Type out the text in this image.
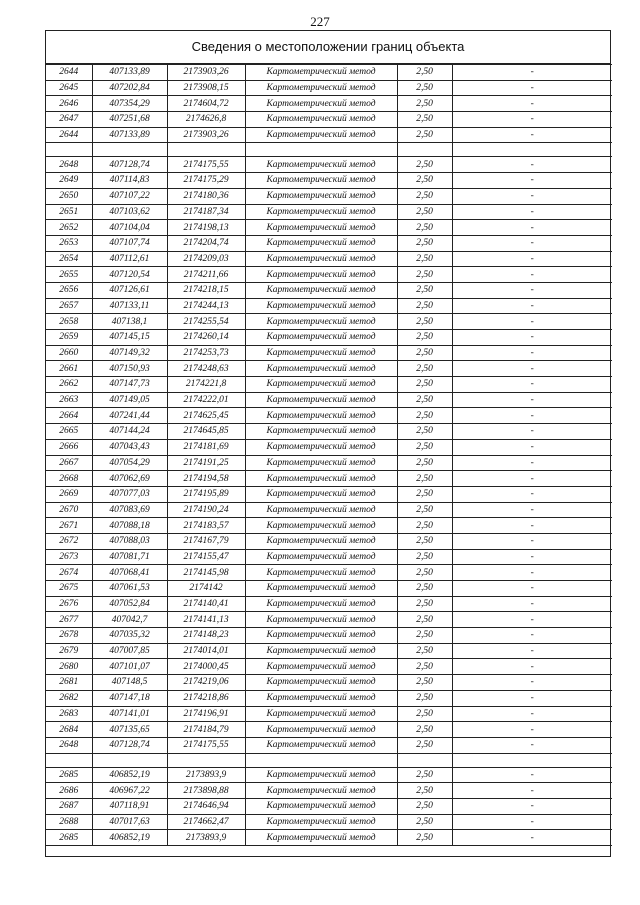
227
Сведения о местоположении границ объекта
2644	407133,89	2173903,26	Картометрический метод	2,50	-
2645	407202,84	2173908,15	Картометрический метод	2,50	-
2646	407354,29	2174604,72	Картометрический метод	2,50	-
2647	407251,68	2174626,8	Картометрический метод	2,50	-
2644	407133,89	2173903,26	Картометрический метод	2,50	-

2648	407128,74	2174175,55	Картометрический метод	2,50	-
2649	407114,83	2174175,29	Картометрический метод	2,50	-
2650	407107,22	2174180,36	Картометрический метод	2,50	-
2651	407103,62	2174187,34	Картометрический метод	2,50	-
2652	407104,04	2174198,13	Картометрический метод	2,50	-
2653	407107,74	2174204,74	Картометрический метод	2,50	-
2654	407112,61	2174209,03	Картометрический метод	2,50	-
2655	407120,54	2174211,66	Картометрический метод	2,50	-
2656	407126,61	2174218,15	Картометрический метод	2,50	-
2657	407133,11	2174244,13	Картометрический метод	2,50	-
2658	407138,1	2174255,54	Картометрический метод	2,50	-
2659	407145,15	2174260,14	Картометрический метод	2,50	-
2660	407149,32	2174253,73	Картометрический метод	2,50	-
2661	407150,93	2174248,63	Картометрический метод	2,50	-
2662	407147,73	2174221,8	Картометрический метод	2,50	-
2663	407149,05	2174222,01	Картометрический метод	2,50	-
2664	407241,44	2174625,45	Картометрический метод	2,50	-
2665	407144,24	2174645,85	Картометрический метод	2,50	-
2666	407043,43	2174181,69	Картометрический метод	2,50	-
2667	407054,29	2174191,25	Картометрический метод	2,50	-
2668	407062,69	2174194,58	Картометрический метод	2,50	-
2669	407077,03	2174195,89	Картометрический метод	2,50	-
2670	407083,69	2174190,24	Картометрический метод	2,50	-
2671	407088,18	2174183,57	Картометрический метод	2,50	-
2672	407088,03	2174167,79	Картометрический метод	2,50	-
2673	407081,71	2174155,47	Картометрический метод	2,50	-
2674	407068,41	2174145,98	Картометрический метод	2,50	-
2675	407061,53	2174142	Картометрический метод	2,50	-
2676	407052,84	2174140,41	Картометрический метод	2,50	-
2677	407042,7	2174141,13	Картометрический метод	2,50	-
2678	407035,32	2174148,23	Картометрический метод	2,50	-
2679	407007,85	2174014,01	Картометрический метод	2,50	-
2680	407101,07	2174000,45	Картометрический метод	2,50	-
2681	407148,5	2174219,06	Картометрический метод	2,50	-
2682	407147,18	2174218,86	Картометрический метод	2,50	-
2683	407141,01	2174196,91	Картометрический метод	2,50	-
2684	407135,65	2174184,79	Картометрический метод	2,50	-
2648	407128,74	2174175,55	Картометрический метод	2,50	-

2685	406852,19	2173893,9	Картометрический метод	2,50	-
2686	406967,22	2173898,88	Картометрический метод	2,50	-
2687	407118,91	2174646,94	Картометрический метод	2,50	-
2688	407017,63	2174662,47	Картометрический метод	2,50	-
2685	406852,19	2173893,9	Картометрический метод	2,50	-
